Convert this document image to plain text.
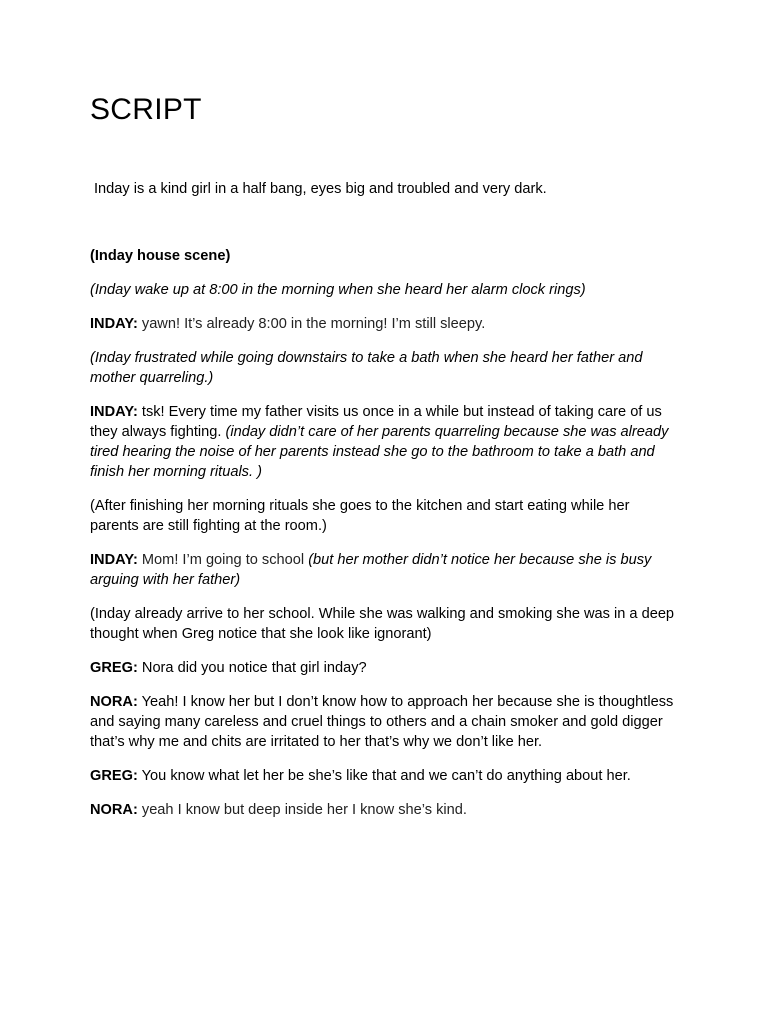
SCRIPT
Inday is a kind girl in a half bang, eyes big and troubled and very dark.

(Inday house scene)

(Inday wake up at 8:00 in the morning when she heard her alarm clock rings)

INDAY: yawn! It’s already 8:00 in the morning! I’m still sleepy.

(Inday frustrated while going downstairs to take a bath when she heard her father and mother quarreling.)

INDAY: tsk! Every time my father visits us once in a while but instead of taking care of us they always fighting. (inday didn’t care of her parents quarreling because she was already tired hearing the noise of her parents instead she go to the bathroom to take a bath and finish her morning rituals. )

(After finishing her morning rituals she goes to the kitchen and start eating while her parents are still fighting at the room.)

INDAY: Mom! I’m going to school (but her mother didn’t notice her because she is busy arguing with her father)

(Inday already arrive to her school. While she was walking and smoking she was in a deep thought when Greg notice that she look like ignorant)

GREG: Nora did you notice that girl inday?

NORA: Yeah! I know her but I don’t know how to approach her because she is thoughtless and saying many careless and cruel things to others and a chain smoker and gold digger that’s why me and chits are irritated to her that’s why we don’t like her.

GREG: You know what let her be she’s like that and we can’t do anything about her.

NORA: yeah I know but deep inside her I know she’s kind.
